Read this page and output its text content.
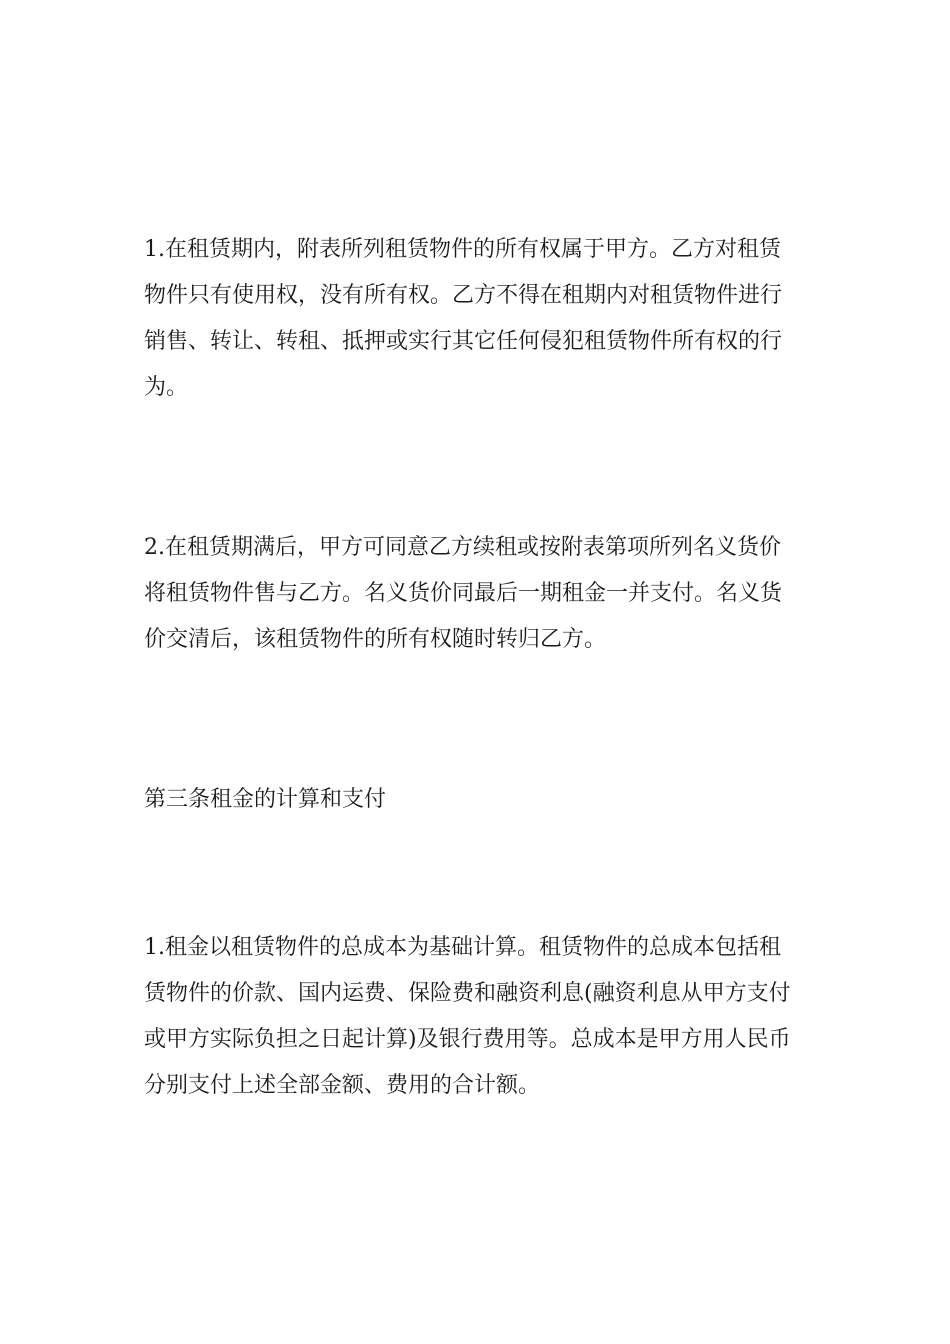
1.在租赁期内，附表所列租赁物件的所有权属于甲方。乙方对租赁
物件只有使用权，没有所有权。乙方不得在租期内对租赁物件进行
销售、转让、转租、抵押或实行其它任何侵犯租赁物件所有权的行
为。

2.在租赁期满后，甲方可同意乙方续租或按附表第项所列名义货价
将租赁物件售与乙方。名义货价同最后一期租金一并支付。名义货
价交清后，该租赁物件的所有权随时转归乙方。

第三条租金的计算和支付

1.租金以租赁物件的总成本为基础计算。租赁物件的总成本包括租
赁物件的价款、国内运费、保险费和融资利息(融资利息从甲方支付
或甲方实际负担之日起计算)及银行费用等。总成本是甲方用人民币
分别支付上述全部金额、费用的合计额。
